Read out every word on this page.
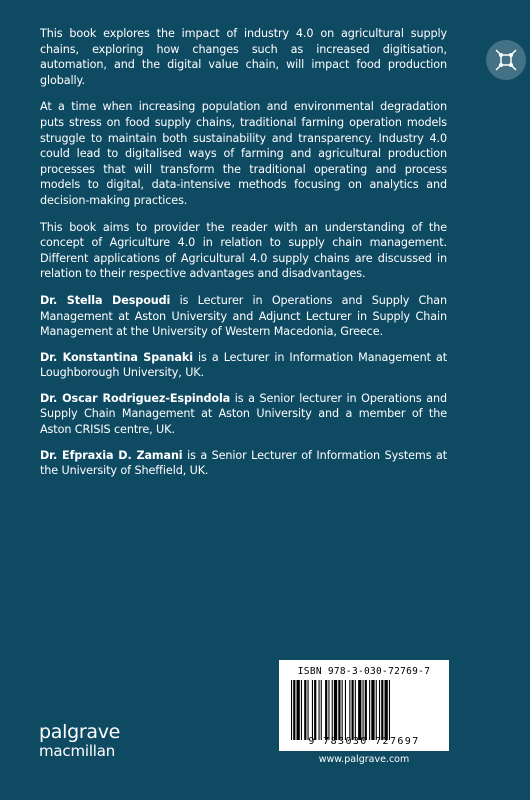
This book explores the impact of industry 4.0 on agricultural supply chains, exploring how changes such as increased digitisation, automation, and the digital value chain, will impact food production globally.

At a time when increasing population and environmental degradation puts stress on food supply chains, traditional farming operation models struggle to maintain both sustainability and transparency. Industry 4.0 could lead to digitalised ways of farming and agricultural production processes that will transform the traditional operating and process models to digital, data-intensive methods focusing on analytics and decision-making practices.

This book aims to provider the reader with an understanding of the concept of Agriculture 4.0 in relation to supply chain management. Different applications of Agricultural 4.0 supply chains are discussed in relation to their respective advantages and disadvantages.

Dr. Stella Despoudi is Lecturer in Operations and Supply Chan Management at Aston University and Adjunct Lecturer in Supply Chain Management at the University of Western Macedonia, Greece.

Dr. Konstantina Spanaki is a Lecturer in Information Management at Loughborough University, UK.

Dr. Oscar Rodriguez-Espindola is a Senior lecturer in Operations and Supply Chain Management at Aston University and a member of the Aston CRISIS centre, UK.

Dr. Efpraxia D. Zamani is a Senior Lecturer of Information Systems at the University of Sheffield, UK.

ISBN 978-3-030-72769-7
9 783030 727697
www.palgrave.com
palgrave
macmillan
